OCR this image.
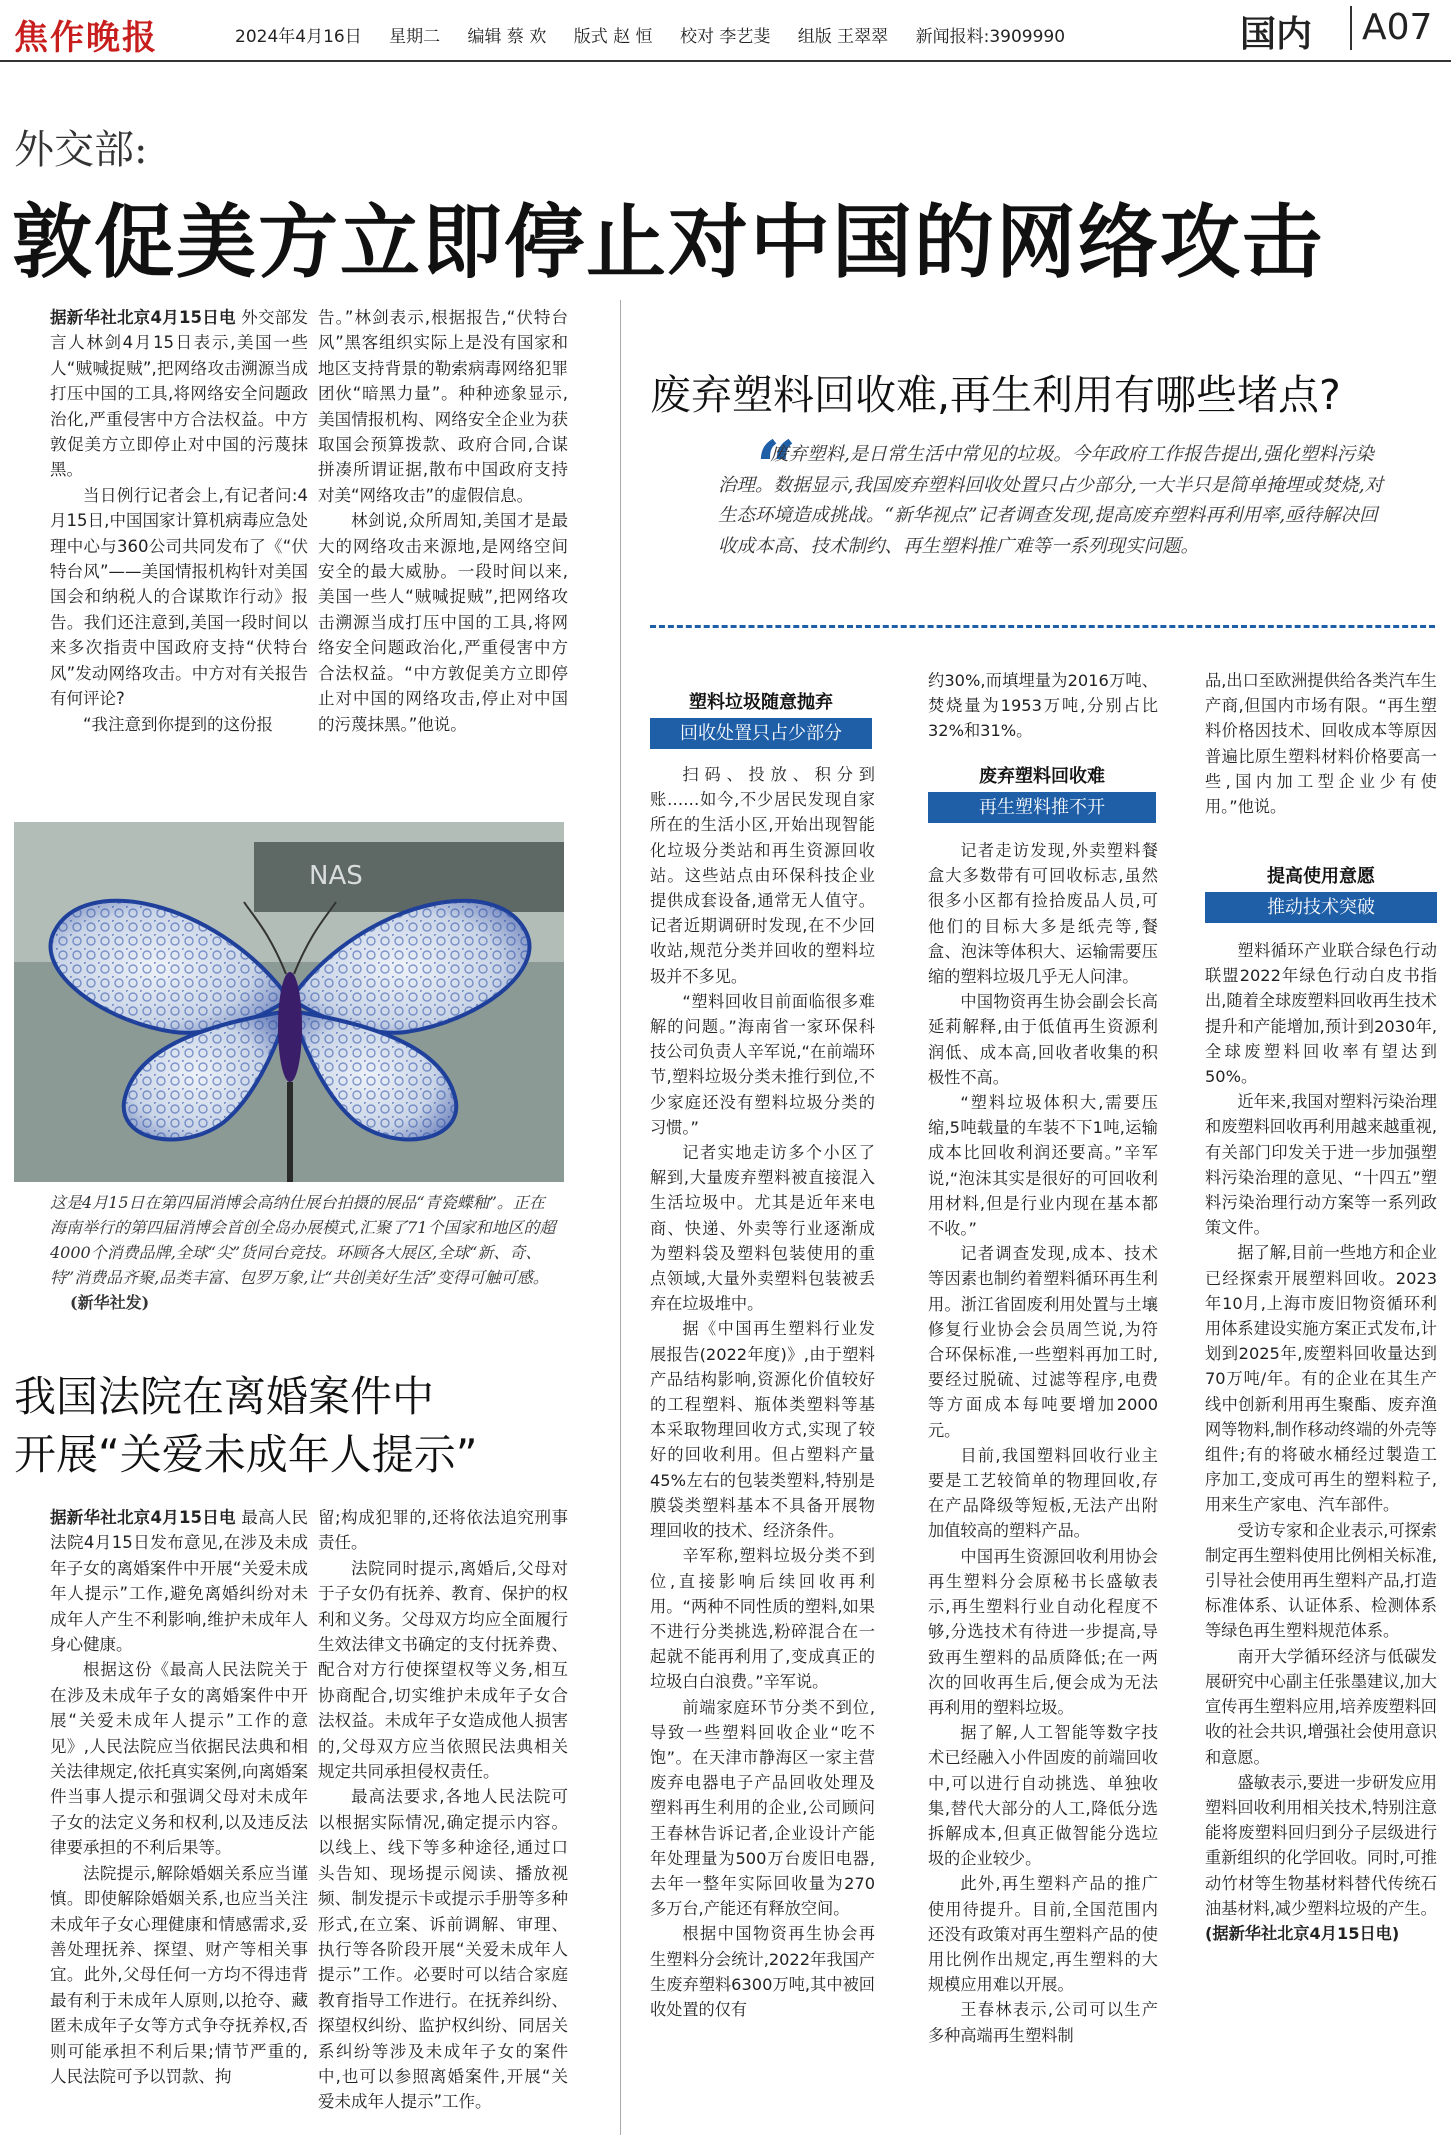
焦作晚报	2024年4月16日 星期二 编辑 蔡 欢 版式 赵 恒 校对 李艺斐 组版 王翠翠 新闻报料:3909990	国内	A07
外交部:
敦促美方立即停止对中国的网络攻击

据新华社北京4月15日电 外交部发言人林剑4月15日表示,美国一些人“贼喊捉贼”,把网络攻击溯源当成打压中国的工具,将网络安全问题政治化,严重侵害中方合法权益。中方敦促美方立即停止对中国的污蔑抹黑。

当日例行记者会上,有记者问:4月15日,中国国家计算机病毒应急处理中心与360公司共同发布了《“伏特台风”——美国情报机构针对美国国会和纳税人的合谋欺诈行动》报告。我们还注意到,美国一段时间以来多次指责中国政府支持“伏特台风”发动网络攻击。中方对有关报告有何评论?

“我注意到你提到的这份报

告。”林剑表示,根据报告,“伏特台风”黑客组织实际上是没有国家和地区支持背景的勒索病毒网络犯罪团伙“暗黑力量”。种种迹象显示,美国情报机构、网络安全企业为获取国会预算拨款、政府合同,合谋拼凑所谓证据,散布中国政府支持对美“网络攻击”的虚假信息。

林剑说,众所周知,美国才是最大的网络攻击来源地,是网络空间安全的最大威胁。一段时间以来,美国一些人“贼喊捉贼”,把网络攻击溯源当成打压中国的工具,将网络安全问题政治化,严重侵害中方合法权益。“中方敦促美方立即停止对中国的网络攻击,停止对中国的污蔑抹黑。”他说。

NAS
这是4月15日在第四届消博会高纳仕展台拍摄的展品“青瓷蝶釉”。正在海南举行的第四届消博会首创全岛办展模式,汇聚了71个国家和地区的超4000个消费品牌,全球“尖”货同台竞技。环顾各大展区,全球“新、奇、特”消费品齐聚,品类丰富、包罗万象,让“共创美好生活”变得可触可感。(新华社发)
我国法院在离婚案件中
开展“关爱未成年人提示”

据新华社北京4月15日电 最高人民法院4月15日发布意见,在涉及未成年子女的离婚案件中开展“关爱未成年人提示”工作,避免离婚纠纷对未成年人产生不利影响,维护未成年人身心健康。

根据这份《最高人民法院关于在涉及未成年子女的离婚案件中开展“关爱未成年人提示”工作的意见》,人民法院应当依据民法典和相关法律规定,依托真实案例,向离婚案件当事人提示和强调父母对未成年子女的法定义务和权利,以及违反法律要承担的不利后果等。

法院提示,解除婚姻关系应当谨慎。即使解除婚姻关系,也应当关注未成年子女心理健康和情感需求,妥善处理抚养、探望、财产等相关事宜。此外,父母任何一方均不得违背最有利于未成年人原则,以抢夺、藏匿未成年子女等方式争夺抚养权,否则可能承担不利后果;情节严重的,人民法院可予以罚款、拘

留;构成犯罪的,还将依法追究刑事责任。

法院同时提示,离婚后,父母对于子女仍有抚养、教育、保护的权利和义务。父母双方均应全面履行生效法律文书确定的支付抚养费、配合对方行使探望权等义务,相互协商配合,切实维护未成年子女合法权益。未成年子女造成他人损害的,父母双方应当依照民法典相关规定共同承担侵权责任。

最高法要求,各地人民法院可以根据实际情况,确定提示内容。以线上、线下等多种途径,通过口头告知、现场提示阅读、播放视频、制发提示卡或提示手册等多种形式,在立案、诉前调解、审理、执行等各阶段开展“关爱未成年人提示”工作。必要时可以结合家庭教育指导工作进行。在抚养纠纷、探望权纠纷、监护权纠纷、同居关系纠纷等涉及未成年子女的案件中,也可以参照离婚案件,开展“关爱未成年人提示”工作。

废弃塑料回收难,再生利用有哪些堵点?
“
废弃塑料,是日常生活中常见的垃圾。今年政府工作报告提出,强化塑料污染治理。数据显示,我国废弃塑料回收处置只占少部分,一大半只是简单掩埋或焚烧,对生态环境造成挑战。“新华视点”记者调查发现,提高废弃塑料再利用率,亟待解决回收成本高、技术制约、再生塑料推广难等一系列现实问题。
塑料垃圾随意抛弃
回收处置只占少部分

扫码、投放、积分到账……如今,不少居民发现自家所在的生活小区,开始出现智能化垃圾分类站和再生资源回收站。这些站点由环保科技企业提供成套设备,通常无人值守。记者近期调研时发现,在不少回收站,规范分类并回收的塑料垃圾并不多见。

“塑料回收目前面临很多难解的问题。”海南省一家环保科技公司负责人辛军说,“在前端环节,塑料垃圾分类未推行到位,不少家庭还没有塑料垃圾分类的习惯。”

记者实地走访多个小区了解到,大量废弃塑料被直接混入生活垃圾中。尤其是近年来电商、快递、外卖等行业逐渐成为塑料袋及塑料包装使用的重点领域,大量外卖塑料包装被丢弃在垃圾堆中。

据《中国再生塑料行业发展报告(2022年度)》,由于塑料产品结构影响,资源化价值较好的工程塑料、瓶体类塑料等基本采取物理回收方式,实现了较好的回收利用。但占塑料产量45%左右的包装类塑料,特别是膜袋类塑料基本不具备开展物理回收的技术、经济条件。

辛军称,塑料垃圾分类不到位,直接影响后续回收再利用。“两种不同性质的塑料,如果不进行分类挑选,粉碎混合在一起就不能再利用了,变成真正的垃圾白白浪费。”辛军说。

前端家庭环节分类不到位,导致一些塑料回收企业“吃不饱”。在天津市静海区一家主营废弃电器电子产品回收处理及塑料再生利用的企业,公司顾问王春林告诉记者,企业设计产能年处理量为500万台废旧电器,去年一整年实际回收量为270多万台,产能还有释放空间。

根据中国物资再生协会再生塑料分会统计,2022年我国产生废弃塑料6300万吨,其中被回收处置的仅有

约30%,而填埋量为2016万吨、焚烧量为1953万吨,分别占比32%和31%。

废弃塑料回收难
再生塑料推不开

记者走访发现,外卖塑料餐盒大多数带有可回收标志,虽然很多小区都有捡拾废品人员,可他们的目标大多是纸壳等,餐盒、泡沫等体积大、运输需要压缩的塑料垃圾几乎无人问津。

中国物资再生协会副会长高延莉解释,由于低值再生资源利润低、成本高,回收者收集的积极性不高。

“塑料垃圾体积大,需要压缩,5吨载量的车装不下1吨,运输成本比回收利润还要高。”辛军说,“泡沫其实是很好的可回收利用材料,但是行业内现在基本都不收。”

记者调查发现,成本、技术等因素也制约着塑料循环再生利用。浙江省固废利用处置与土壤修复行业协会会员周竺说,为符合环保标准,一些塑料再加工时,要经过脱硫、过滤等程序,电费等方面成本每吨要增加2000元。

目前,我国塑料回收行业主要是工艺较简单的物理回收,存在产品降级等短板,无法产出附加值较高的塑料产品。

中国再生资源回收利用协会再生塑料分会原秘书长盛敏表示,再生塑料行业自动化程度不够,分选技术有待进一步提高,导致再生塑料的品质降低;在一两次的回收再生后,便会成为无法再利用的塑料垃圾。

据了解,人工智能等数字技术已经融入小件固废的前端回收中,可以进行自动挑选、单独收集,替代大部分的人工,降低分选拆解成本,但真正做智能分选垃圾的企业较少。

此外,再生塑料产品的推广使用待提升。目前,全国范围内还没有政策对再生塑料产品的使用比例作出规定,再生塑料的大规模应用难以开展。

王春林表示,公司可以生产多种高端再生塑料制

品,出口至欧洲提供给各类汽车生产商,但国内市场有限。“再生塑料价格因技术、回收成本等原因普遍比原生塑料材料价格要高一些,国内加工型企业少有使用。”他说。

提高使用意愿
推动技术突破

塑料循环产业联合绿色行动联盟2022年绿色行动白皮书指出,随着全球废塑料回收再生技术提升和产能增加,预计到2030年,全球废塑料回收率有望达到50%。

近年来,我国对塑料污染治理和废塑料回收再利用越来越重视,有关部门印发关于进一步加强塑料污染治理的意见、“十四五”塑料污染治理行动方案等一系列政策文件。

据了解,目前一些地方和企业已经探索开展塑料回收。2023年10月,上海市废旧物资循环利用体系建设实施方案正式发布,计划到2025年,废塑料回收量达到70万吨/年。有的企业在其生产线中创新利用再生聚酯、废弃渔网等物料,制作移动终端的外壳等组件;有的将破水桶经过製造工序加工,变成可再生的塑料粒子,用来生产家电、汽车部件。

受访专家和企业表示,可探索制定再生塑料使用比例相关标准,引导社会使用再生塑料产品,打造标准体系、认证体系、检测体系等绿色再生塑料规范体系。

南开大学循环经济与低碳发展研究中心副主任张墨建议,加大宣传再生塑料应用,培养废塑料回收的社会共识,增强社会使用意识和意愿。

盛敏表示,要进一步研发应用塑料回收利用相关技术,特别注意能将废塑料回归到分子层级进行重新组织的化学回收。同时,可推动竹材等生物基材料替代传统石油基材料,减少塑料垃圾的产生。

(据新华社北京4月15日电)
